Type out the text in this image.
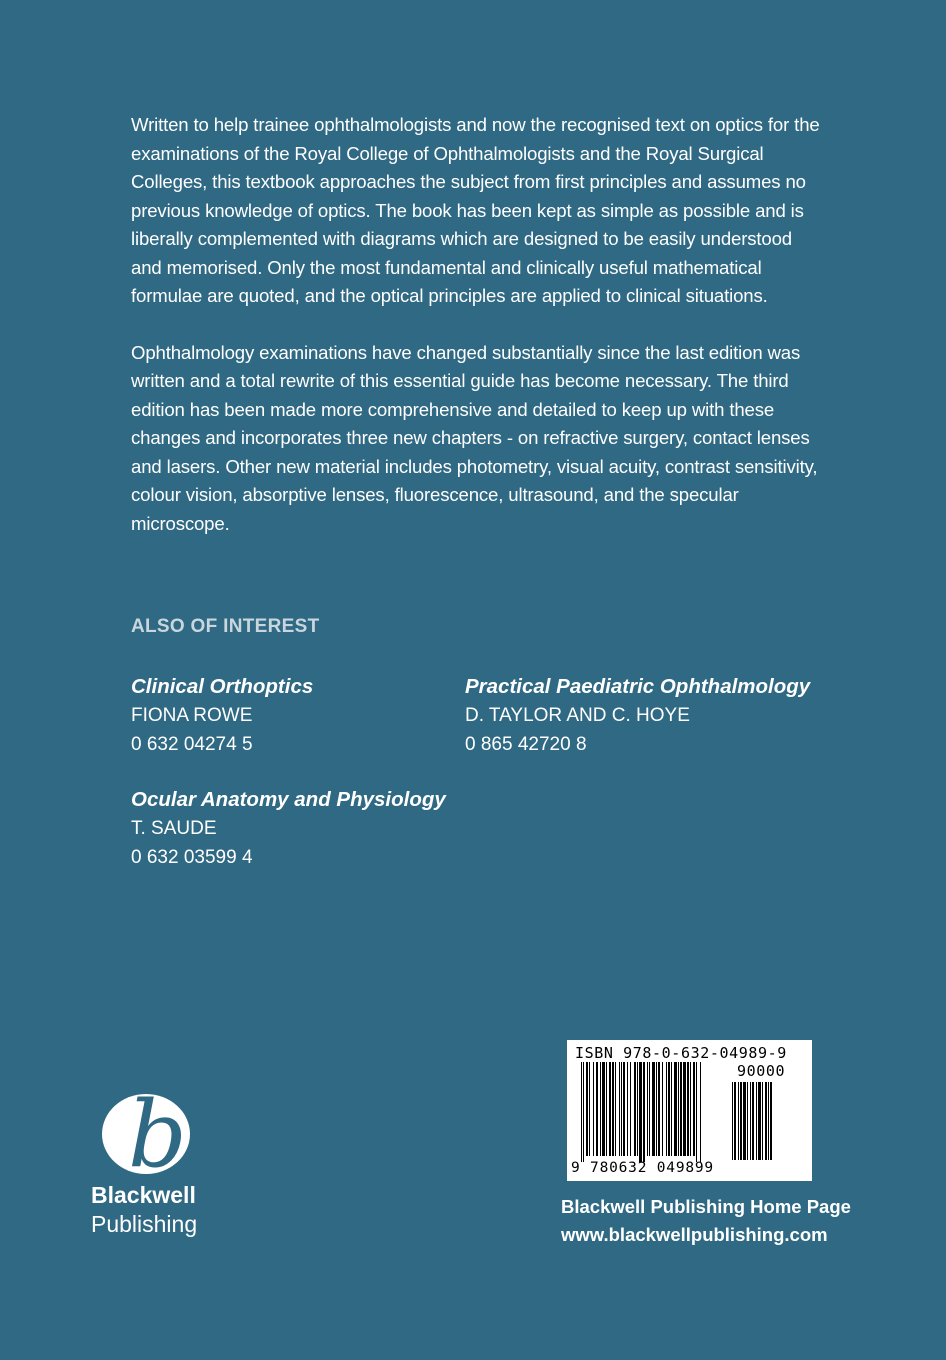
Written to help trainee ophthalmologists and now the recognised text on optics for the examinations of the Royal College of Ophthalmologists and the Royal Surgical Colleges, this textbook approaches the subject from first principles and assumes no previous knowledge of optics. The book has been kept as simple as possible and is liberally complemented with diagrams which are designed to be easily understood and memorised. Only the most fundamental and clinically useful mathematical formulae are quoted, and the optical principles are applied to clinical situations.

Ophthalmology examinations have changed substantially since the last edition was written and a total rewrite of this essential guide has become necessary. The third edition has been made more comprehensive and detailed to keep up with these changes and incorporates three new chapters - on refractive surgery, contact lenses and lasers. Other new material includes photometry, visual acuity, contrast sensitivity, colour vision, absorptive lenses, fluorescence, ultrasound, and the specular microscope.

ALSO OF INTEREST
Clinical Orthoptics
FIONA ROWE
0 632 04274 5
Practical Paediatric Ophthalmology
D. TAYLOR AND C. HOYE
0 865 42720 8
Ocular Anatomy and Physiology
T. SAUDE
0 632 03599 4
b
Blackwell
Publishing
ISBN 978-0-632-04989-9
90000
9 780632 049899
Blackwell Publishing Home Page
www.blackwellpublishing.com
